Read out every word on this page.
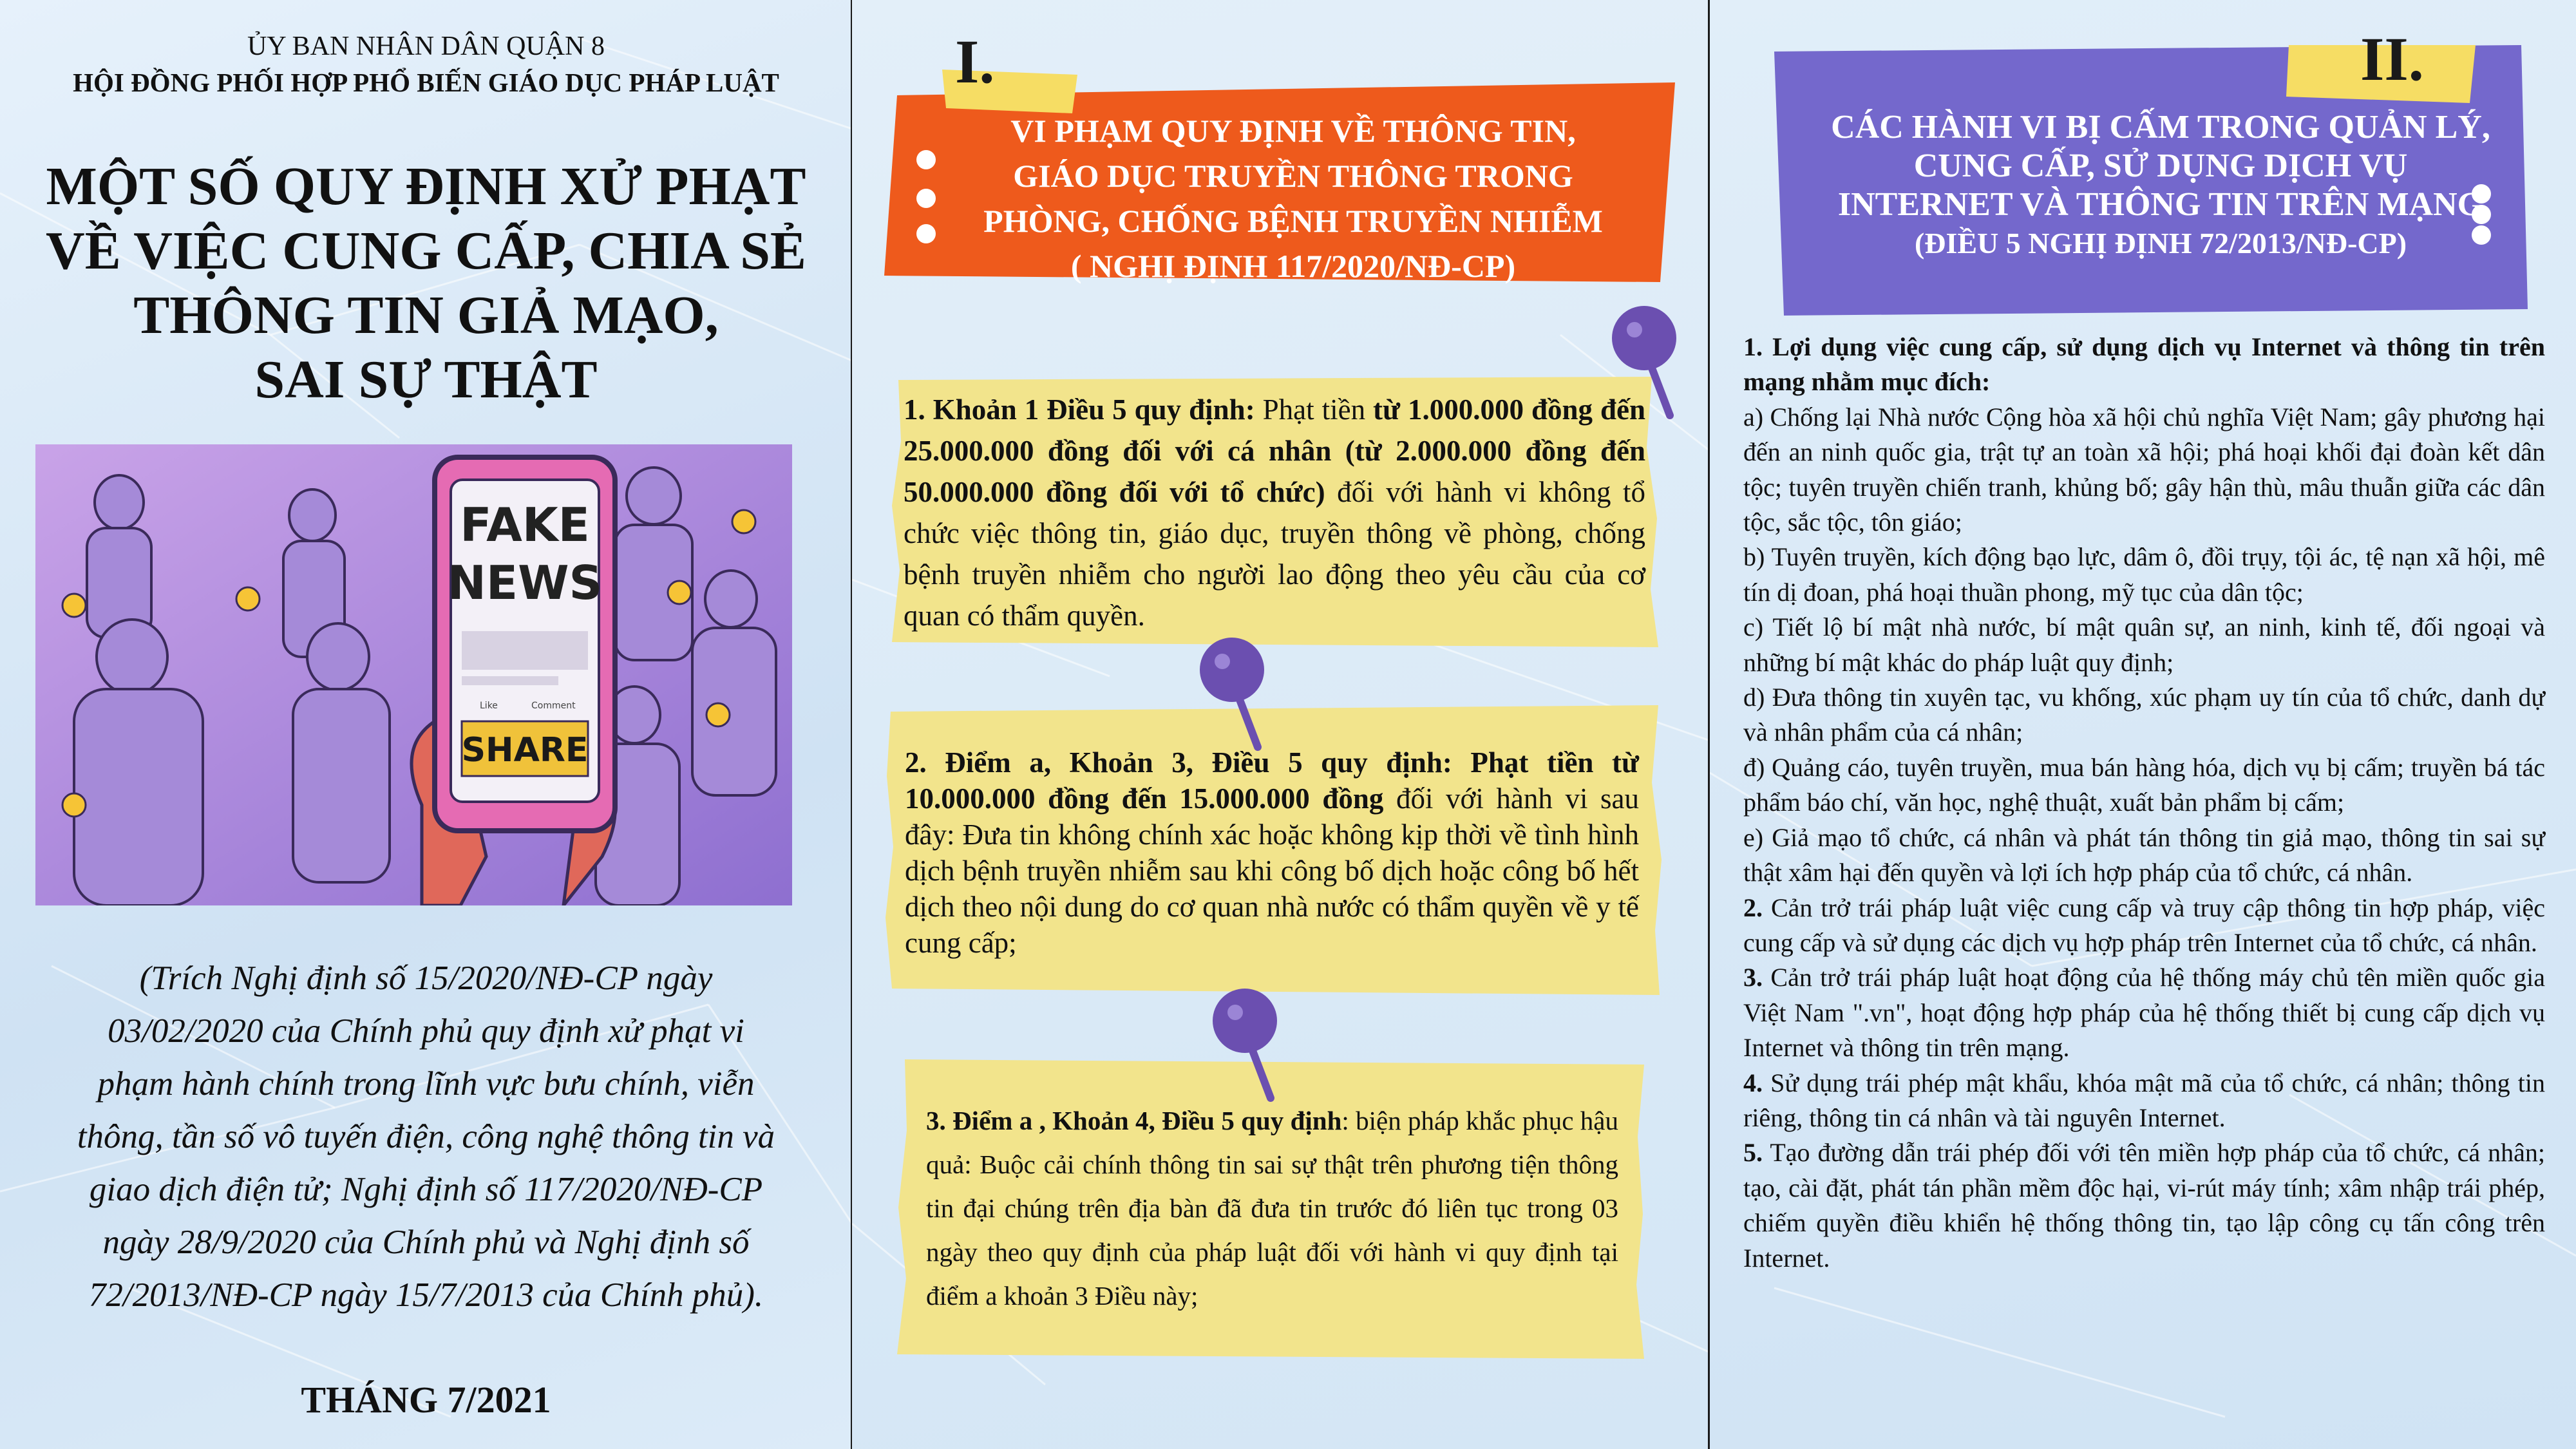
ỦY BAN NHÂN DÂN QUẬN 8
HỘI ĐỒNG PHỐI HỢP PHỔ BIẾN GIÁO DỤC PHÁP LUẬT
MỘT SỐ QUY ĐỊNH XỬ PHẠT
VỀ VIỆC CUNG CẤP, CHIA SẺ
THÔNG TIN GIẢ MẠO,
SAI SỰ THẬT
FAKE
NEWS
Like	Comment
SHARE
(Trích Nghị định số 15/2020/NĐ-CP ngày
03/02/2020 của Chính phủ quy định xử phạt vi
phạm hành chính trong lĩnh vực bưu chính, viễn
thông, tần số vô tuyến điện, công nghệ thông tin và
giao dịch điện tử; Nghị định số 117/2020/NĐ-CP
ngày 28/9/2020 của Chính phủ và Nghị định số
72/2013/NĐ-CP ngày 15/7/2013 của Chính phủ).
THÁNG 7/2021
I.
VI PHẠM QUY ĐỊNH VỀ THÔNG TIN,
GIÁO DỤC TRUYỀN THÔNG TRONG
PHÒNG, CHỐNG BỆNH TRUYỀN NHIỄM
( NGHỊ ĐỊNH 117/2020/NĐ-CP)
1. Khoản 1 Điều 5 quy định: Phạt tiền từ 1.000.000 đồng đến 25.000.000 đồng đối với cá nhân (từ 2.000.000 đồng đến 50.000.000 đồng đối với tổ chức) đối với hành vi không tổ chức việc thông tin, giáo dục, truyền thông về phòng, chống bệnh truyền nhiễm cho người lao động theo yêu cầu của cơ quan có thẩm quyền.
2. Điểm a, Khoản 3, Điều 5 quy định: Phạt tiền từ 10.000.000 đồng đến 15.000.000 đồng đối với hành vi sau đây: Đưa tin không chính xác hoặc không kịp thời về tình hình dịch bệnh truyền nhiễm sau khi công bố dịch hoặc công bố hết dịch theo nội dung do cơ quan nhà nước có thẩm quyền về y tế cung cấp;
3. Điểm a , Khoản 4, Điều 5 quy định: biện pháp khắc phục hậu quả: Buộc cải chính thông tin sai sự thật trên phương tiện thông tin đại chúng trên địa bàn đã đưa tin trước đó liên tục trong 03 ngày theo quy định của pháp luật đối với hành vi quy định tại điểm a khoản 3 Điều này;
II.
CÁC HÀNH VI BỊ CẤM TRONG QUẢN LÝ,
CUNG CẤP, SỬ DỤNG DỊCH VỤ
INTERNET VÀ THÔNG TIN TRÊN MẠNG
(ĐIỀU 5 NGHỊ ĐỊNH 72/2013/NĐ-CP)

1. Lợi dụng việc cung cấp, sử dụng dịch vụ Internet và thông tin trên mạng nhằm mục đích:

a) Chống lại Nhà nước Cộng hòa xã hội chủ nghĩa Việt Nam; gây phương hại đến an ninh quốc gia, trật tự an toàn xã hội; phá hoại khối đại đoàn kết dân tộc; tuyên truyền chiến tranh, khủng bố; gây hận thù, mâu thuẫn giữa các dân tộc, sắc tộc, tôn giáo;

b) Tuyên truyền, kích động bạo lực, dâm ô, đồi trụy, tội ác, tệ nạn xã hội, mê tín dị đoan, phá hoại thuần phong, mỹ tục của dân tộc;

c) Tiết lộ bí mật nhà nước, bí mật quân sự, an ninh, kinh tế, đối ngoại và những bí mật khác do pháp luật quy định;

d) Đưa thông tin xuyên tạc, vu khống, xúc phạm uy tín của tổ chức, danh dự và nhân phẩm của cá nhân;

đ) Quảng cáo, tuyên truyền, mua bán hàng hóa, dịch vụ bị cấm; truyền bá tác phẩm báo chí, văn học, nghệ thuật, xuất bản phẩm bị cấm;

e) Giả mạo tổ chức, cá nhân và phát tán thông tin giả mạo, thông tin sai sự thật xâm hại đến quyền và lợi ích hợp pháp của tổ chức, cá nhân.

2. Cản trở trái pháp luật việc cung cấp và truy cập thông tin hợp pháp, việc cung cấp và sử dụng các dịch vụ hợp pháp trên Internet của tổ chức, cá nhân.

3. Cản trở trái pháp luật hoạt động của hệ thống máy chủ tên miền quốc gia Việt Nam ".vn", hoạt động hợp pháp của hệ thống thiết bị cung cấp dịch vụ Internet và thông tin trên mạng.

4. Sử dụng trái phép mật khẩu, khóa mật mã của tổ chức, cá nhân; thông tin riêng, thông tin cá nhân và tài nguyên Internet.

5. Tạo đường dẫn trái phép đối với tên miền hợp pháp của tổ chức, cá nhân; tạo, cài đặt, phát tán phần mềm độc hại, vi-rút máy tính; xâm nhập trái phép, chiếm quyền điều khiển hệ thống thông tin, tạo lập công cụ tấn công trên Internet.
